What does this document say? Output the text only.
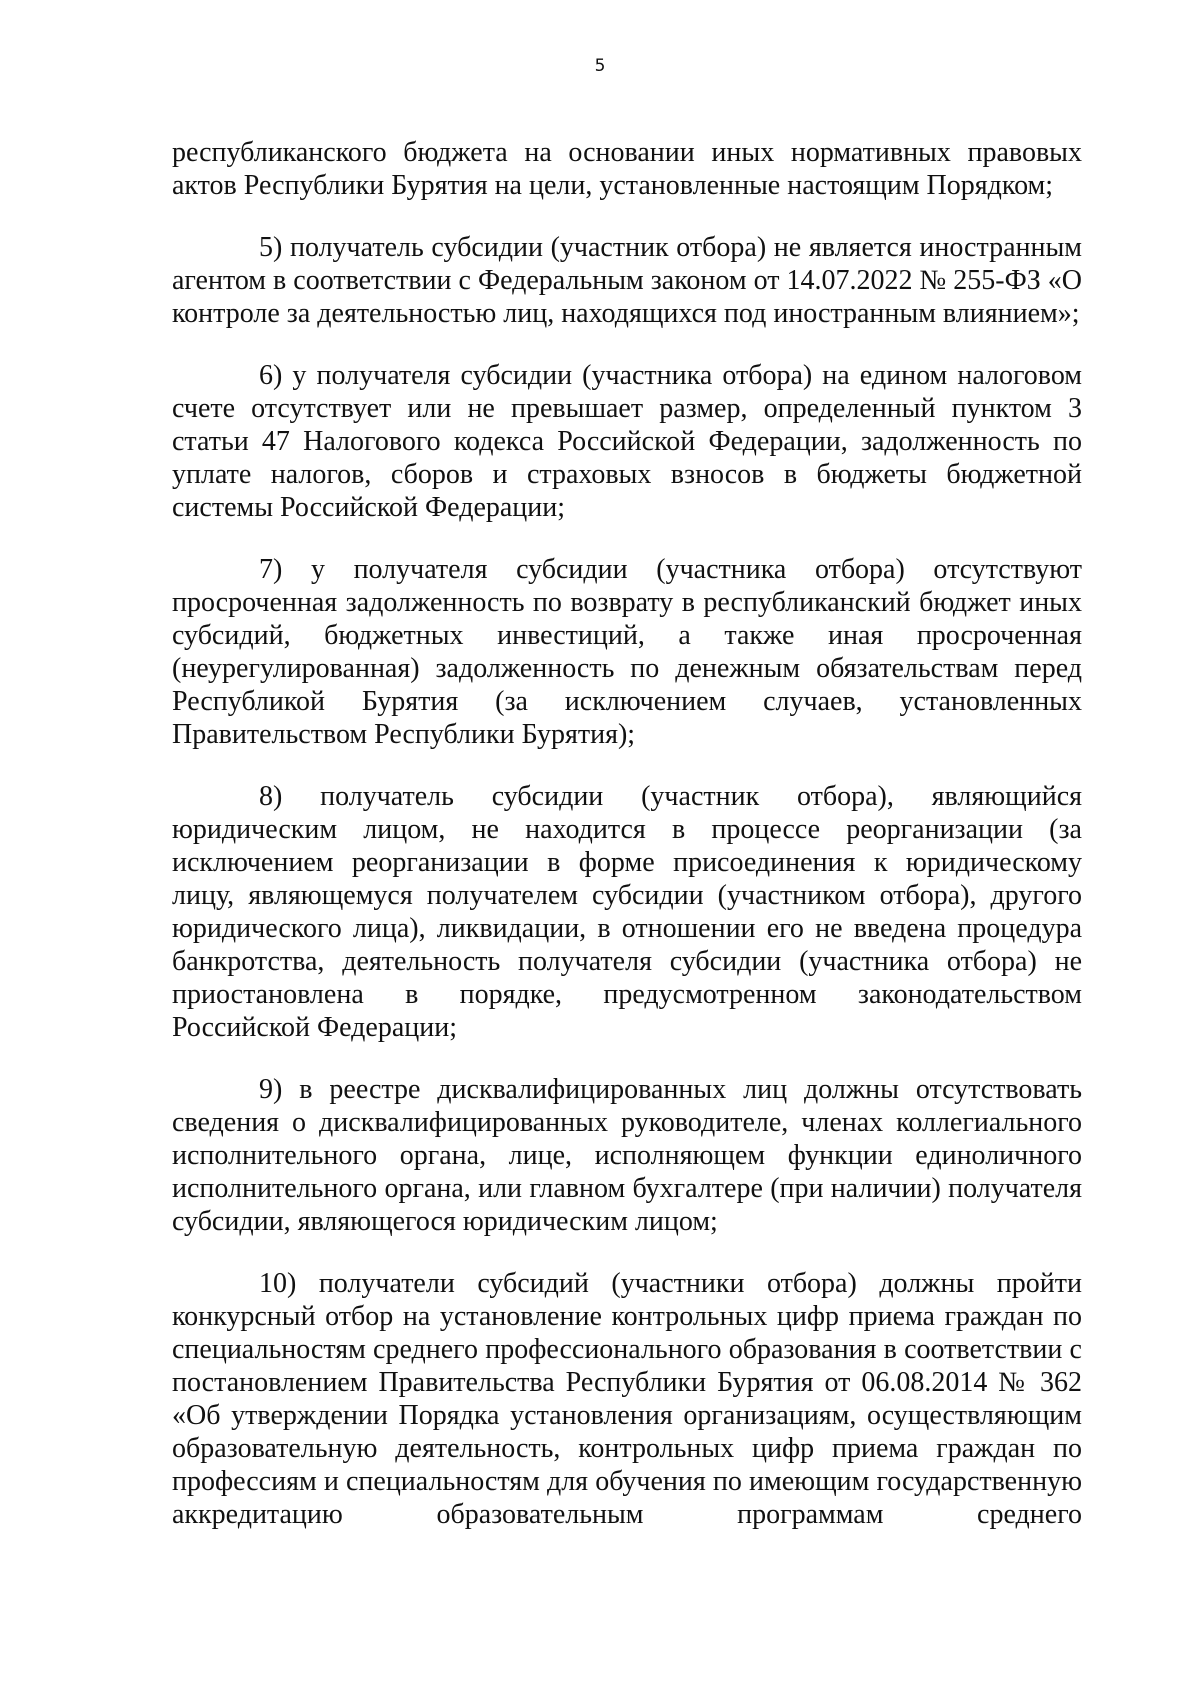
5

республиканского бюджета на основании иных нормативных правовых актов Республики Бурятия на цели, установленные настоящим Порядком;

5) получатель субсидии (участник отбора) не является иностранным агентом в соответствии с Федеральным законом от 14.07.2022 № 255-ФЗ «О контроле за деятельностью лиц, находящихся под иностранным влиянием»;

6) у получателя субсидии (участника отбора) на едином налоговом счете отсутствует или не превышает размер, определенный пунктом 3 статьи 47 Налогового кодекса Российской Федерации, задолженность по уплате налогов, сборов и страховых взносов в бюджеты бюджетной системы Российской Федерации;

7) у получателя субсидии (участника отбора) отсутствуют просроченная задолженность по возврату в республиканский бюджет иных субсидий, бюджетных инвестиций, а также иная просроченная (неурегулированная) задолженность по денежным обязательствам перед Республикой Бурятия (за исключением случаев, установленных Правительством Республики Бурятия);

8) получатель субсидии (участник отбора), являющийся юридическим лицом, не находится в процессе реорганизации (за исключением реорганизации в форме присоединения к юридическому лицу, являющемуся получателем субсидии (участником отбора), другого юридического лица), ликвидации, в отношении его не введена процедура банкротства, деятельность получателя субсидии (участника отбора) не приостановлена в порядке, предусмотренном законодательством Российской Федерации;

9) в реестре дисквалифицированных лиц должны отсутствовать сведения о дисквалифицированных руководителе, членах коллегиального исполнительного органа, лице, исполняющем функции единоличного исполнительного органа, или главном бухгалтере (при наличии) получателя субсидии, являющегося юридическим лицом;

10) получатели субсидий (участники отбора) должны пройти конкурсный отбор на установление контрольных цифр приема граждан по специальностям среднего профессионального образования в соответствии с постановлением Правительства Республики Бурятия от 06.08.2014 № 362 «Об утверждении Порядка установления организациям, осуществляющим образовательную деятельность, контрольных цифр приема граждан по профессиям и специальностям для обучения по имеющим государственную аккредитацию образовательным программам среднего
